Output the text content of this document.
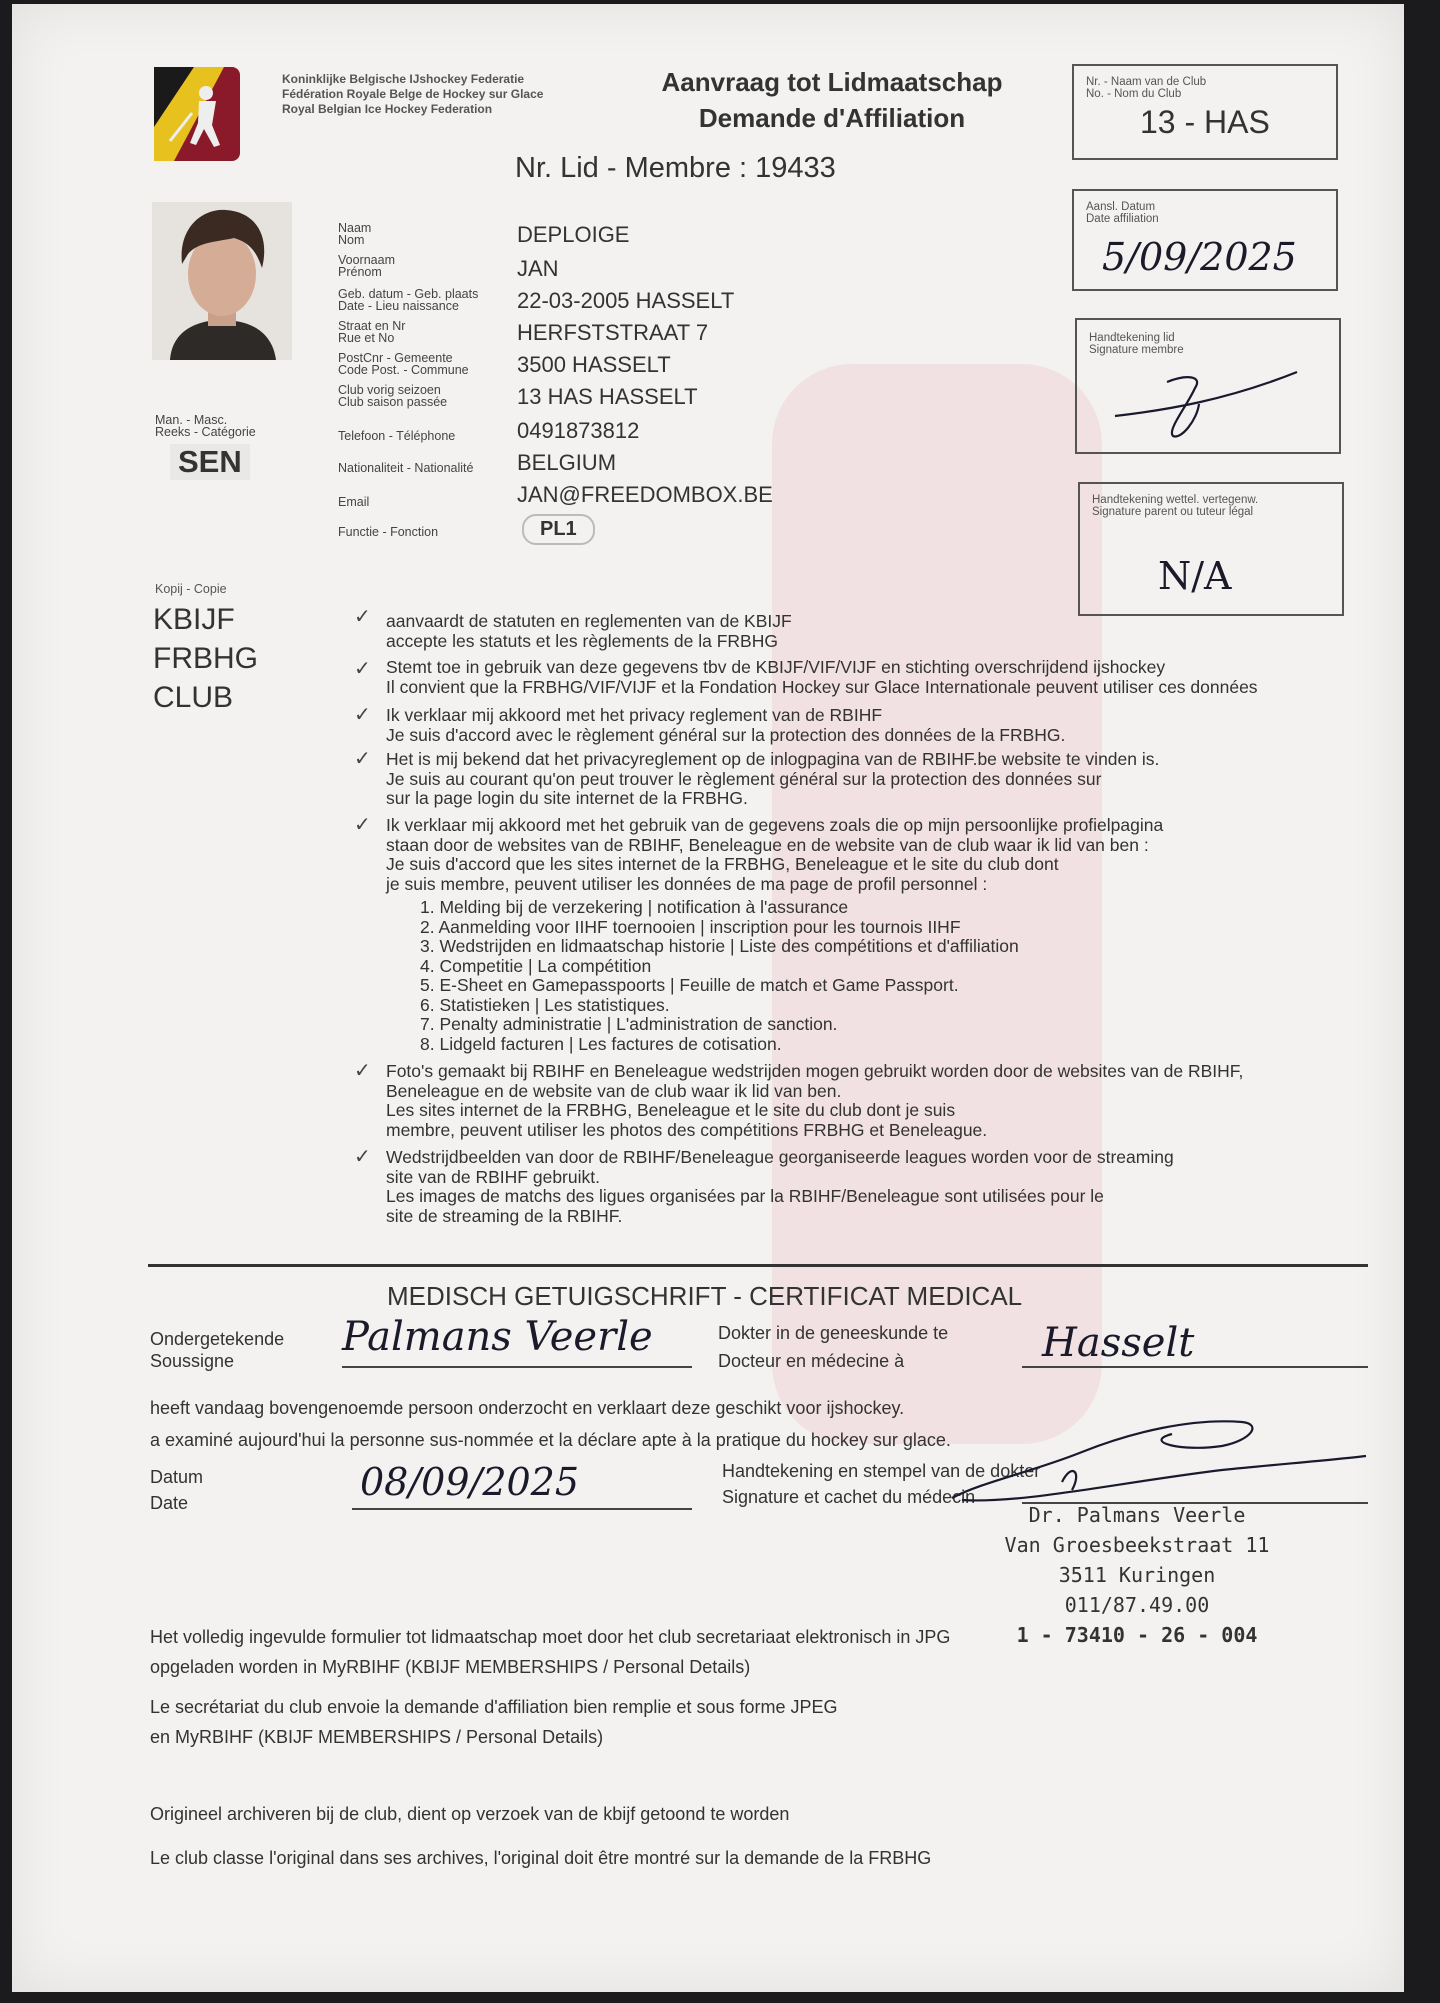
Koninklijke Belgische IJshockey Federatie
Fédération Royale Belge de Hockey sur Glace
Royal Belgian Ice Hockey Federation
Aanvraag tot Lidmaatschap
Demande d'Affiliation
Nr. Lid - Membre : 19433
Nr. - Naam van de Club
No. - Nom du Club
13 - HAS
Aansl. Datum
Date affiliation
5/09/2025
Handtekening lid
Signature membre
Handtekening wettel. vertegenw.
Signature parent ou tuteur légal
N/A
Naam
Nom	DEPLOIGE
Voornaam
Prénom	JAN
Geb. datum - Geb. plaats
Date - Lieu naissance	22-03-2005 HASSELT
Straat en Nr
Rue et No	HERFSTSTRAAT 7
PostCnr - Gemeente
Code Post. - Commune 3500 HASSELT
Club vorig seizoen
Club saison passée	13 HAS HASSELT
Telefoon - Téléphone	0491873812
Nationaliteit - Nationalité BELGIUM
Email	JAN@FREEDOMBOX.BE
Functie - Fonction	PL1
Man. - Masc.
Reeks - Catégorie
SEN
Kopij - Copie
KBIJF
FRBHG
CLUB
✓ aanvaardt de statuten en reglementen van de KBIJF
accepte les statuts et les règlements de la FRBHG
✓ Stemt toe in gebruik van deze gegevens tbv de KBIJF/VIF/VIJF en stichting overschrijdend ijshockey
Il convient que la FRBHG/VIF/VIJF et la Fondation Hockey sur Glace Internationale peuvent utiliser ces données
✓ Ik verklaar mij akkoord met het privacy reglement van de RBIHF
Je suis d'accord avec le règlement général sur la protection des données de la FRBHG.
✓ Het is mij bekend dat het privacyreglement op de inlogpagina van de RBIHF.be website te vinden is.
Je suis au courant qu'on peut trouver le règlement général sur la protection des données sur
sur la page login du site internet de la FRBHG.
✓ Ik verklaar mij akkoord met het gebruik van de gegevens zoals die op mijn persoonlijke profielpagina
staan door de websites van de RBIHF, Beneleague en de website van de club waar ik lid van ben :
Je suis d'accord que les sites internet de la FRBHG, Beneleague et le site du club dont
je suis membre, peuvent utiliser les données de ma page de profil personnel :
1. Melding bij de verzekering | notification à l'assurance
2. Aanmelding voor IIHF toernooien | inscription pour les tournois IIHF
3. Wedstrijden en lidmaatschap historie | Liste des compétitions et d'affiliation
4. Competitie | La compétition
5. E-Sheet en Gamepasspoorts | Feuille de match et Game Passport.
6. Statistieken | Les statistiques.
7. Penalty administratie | L'administration de sanction.
8. Lidgeld facturen | Les factures de cotisation.
✓ Foto's gemaakt bij RBIHF en Beneleague wedstrijden mogen gebruikt worden door de websites van de RBIHF,
Beneleague en de website van de club waar ik lid van ben.
Les sites internet de la FRBHG, Beneleague et le site du club dont je suis
membre, peuvent utiliser les photos des compétitions FRBHG et Beneleague.
✓ Wedstrijdbeelden van door de RBIHF/Beneleague georganiseerde leagues worden voor de streaming
site van de RBIHF gebruikt.
Les images de matchs des ligues organisées par la RBIHF/Beneleague sont utilisées pour le
site de streaming de la RBIHF.
MEDISCH GETUIGSCHRIFT - CERTIFICAT MEDICAL
Ondergetekende
Soussigne
Palmans Veerle	Dokter in de geneeskunde te
Docteur en médecine à	Hasselt
heeft vandaag bovengenoemde persoon onderzocht en verklaart deze geschikt voor ijshockey.
a examiné aujourd'hui la personne sus-nommée et la déclare apte à la pratique du hockey sur glace.
Datum
Date	08/09/2025	Handtekening en stempel van de dokter
Signature et cachet du médecin
Dr. Palmans Veerle
Van Groesbeekstraat 11
3511 Kuringen
011/87.49.00
1 - 73410 - 26 - 004
Het volledig ingevulde formulier tot lidmaatschap moet door het club secretariaat elektronisch in JPG
opgeladen worden in MyRBIHF (KBIJF MEMBERSHIPS / Personal Details)
Le secrétariat du club envoie la demande d'affiliation bien remplie et sous forme JPEG
en MyRBIHF (KBIJF MEMBERSHIPS / Personal Details)
Origineel archiveren bij de club, dient op verzoek van de kbijf getoond te worden
Le club classe l'original dans ses archives, l'original doit être montré sur la demande de la FRBHG
